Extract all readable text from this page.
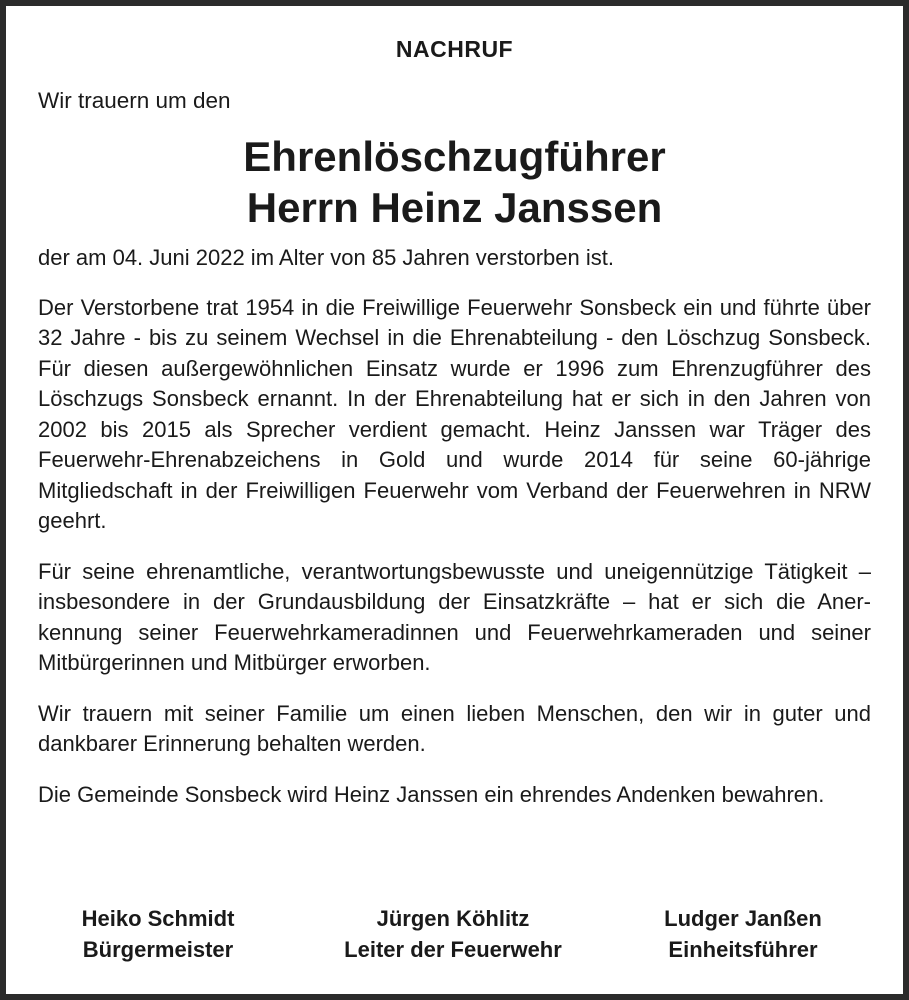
NACHRUF
Wir trauern um den
Ehrenlöschzugführer
Herrn Heinz Janssen

der am 04. Juni 2022 im Alter von 85 Jahren verstorben ist.

Der Verstorbene trat 1954 in die Freiwillige Feuerwehr Sonsbeck ein und führte über 32 Jahre - bis zu seinem Wechsel in die Ehrenabteilung - den Löschzug Sonsbeck. Für diesen außergewöhnlichen Einsatz wurde er 1996 zum Ehrenzugführer des Löschzugs Sonsbeck ernannt. In der Ehrenabteilung hat er sich in den Jahren von 2002 bis 2015 als Sprecher verdient gemacht. Heinz Janssen war Träger des Feuerwehr-Ehrenabzeichens in Gold und wurde 2014 für seine 60-jährige Mitgliedschaft in der Freiwilligen Feuerwehr vom Verband der Feuerwehren in NRW geehrt.

Für seine ehrenamtliche, verantwortungsbewusste und uneigennützige Tätigkeit – insbesondere in der Grundausbildung der Einsatzkräfte – hat er sich die Anerkennung seiner Feuerwehrkameradinnen und Feuerwehrkameraden und seiner Mitbürgerinnen und Mitbürger erworben.

Wir trauern mit seiner Familie um einen lieben Menschen, den wir in guter und dankbarer Erinnerung behalten werden.

Die Gemeinde Sonsbeck wird Heinz Janssen ein ehrendes Andenken bewahren.

Heiko Schmidt
Bürgermeister
Jürgen Köhlitz
Leiter der Feuerwehr
Ludger Janßen
Einheitsführer
